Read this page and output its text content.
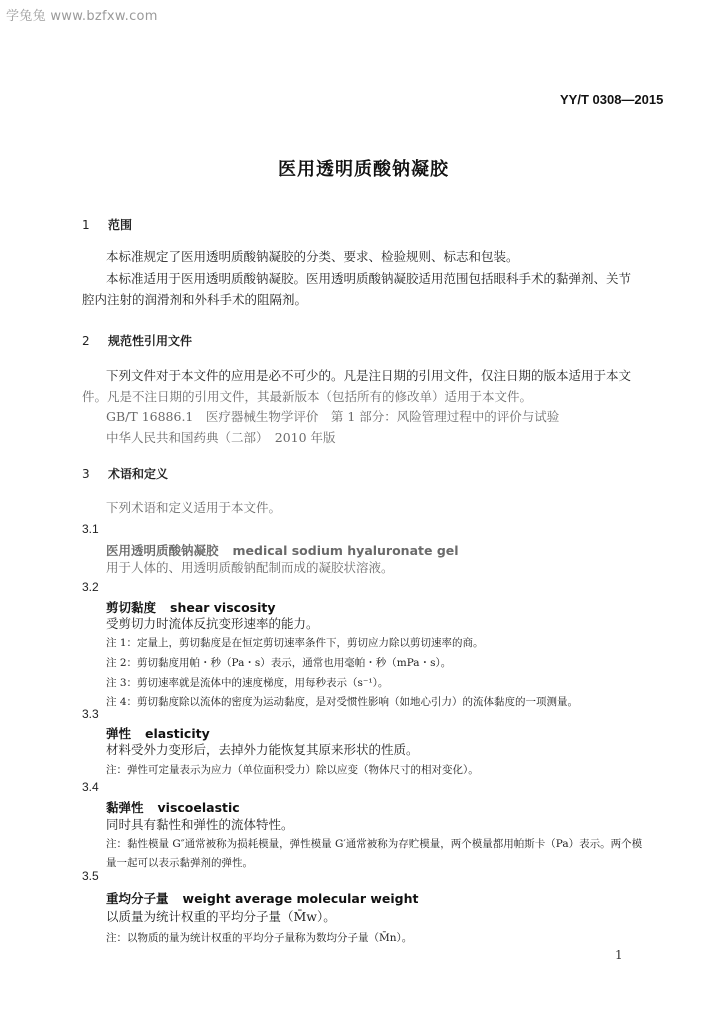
学兔兔 www.bzfxw.com
YY/T 0308—2015
医用透明质酸钠凝胶
1 范围
本标准规定了医用透明质酸钠凝胶的分类、要求、检验规则、标志和包装。
本标准适用于医用透明质酸钠凝胶。医用透明质酸钠凝胶适用范围包括眼科手术的黏弹剂、关节
腔内注射的润滑剂和外科手术的阻隔剂。
2 规范性引用文件
下列文件对于本文件的应用是必不可少的。凡是注日期的引用文件，仅注日期的版本适用于本文
件。凡是不注日期的引用文件，其最新版本（包括所有的修改单）适用于本文件。
GB/T 16886.1　医疗器械生物学评价　第 1 部分：风险管理过程中的评价与试验
中华人民共和国药典（二部）　2010 年版
3 术语和定义
下列术语和定义适用于本文件。
3.1
医用透明质酸钠凝胶 medical sodium hyaluronate gel
用于人体的、用透明质酸钠配制而成的凝胶状溶液。
3.2
剪切黏度 shear viscosity
受剪切力时流体反抗变形速率的能力。
注 1：定量上，剪切黏度是在恒定剪切速率条件下，剪切应力除以剪切速率的商。
注 2：剪切黏度用帕・秒（Pa・s）表示，通常也用毫帕・秒（mPa・s）。
注 3：剪切速率就是流体中的速度梯度，用每秒表示（s⁻¹）。
注 4：剪切黏度除以流体的密度为运动黏度，是对受惯性影响（如地心引力）的流体黏度的一项测量。
3.3
弹性 elasticity
材料受外力变形后，去掉外力能恢复其原来形状的性质。
注：弹性可定量表示为应力（单位面积受力）除以应变（物体尺寸的相对变化）。
3.4
黏弹性 viscoelastic
同时具有黏性和弹性的流体特性。
注：黏性模量 G″通常被称为损耗模量，弹性模量 G′通常被称为存贮模量，两个模量都用帕斯卡（Pa）表示。两个模
量一起可以表示黏弹剂的弹性。
3.5
重均分子量 weight average molecular weight
以质量为统计权重的平均分子量（M̄w）。
注：以物质的量为统计权重的平均分子量称为数均分子量（M̄n）。
1
